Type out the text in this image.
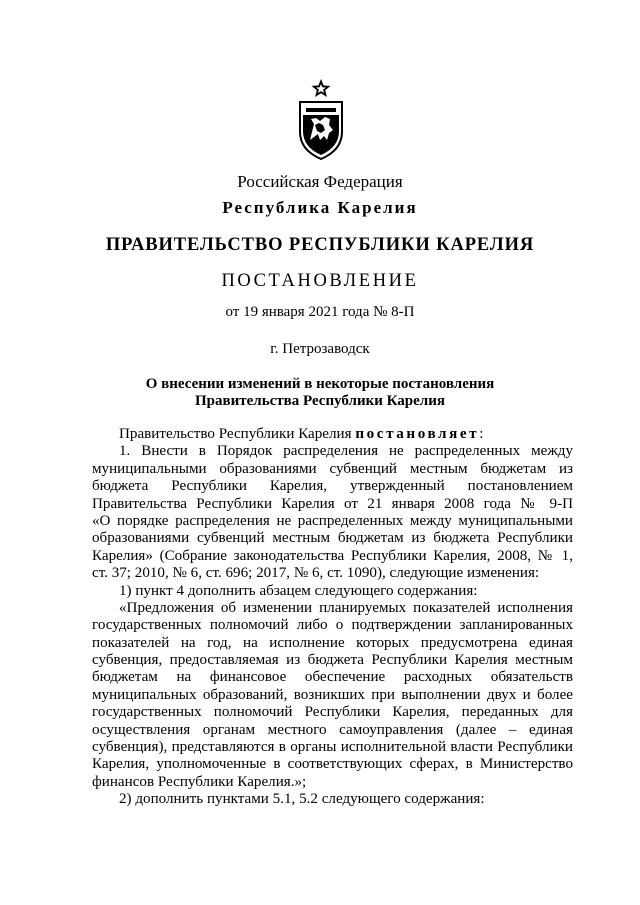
Российская Федерация
Республика Карелия
ПРАВИТЕЛЬСТВО РЕСПУБЛИКИ КАРЕЛИЯ
ПОСТАНОВЛЕНИЕ
от 19 января 2021 года № 8-П
г. Петрозаводск
О внесении изменений в некоторые постановления
Правительства Республики Карелия
Правительство Республики Карелия постановляет:
1. Внести в Порядок распределения не распределенных между
муниципальными образованиями субвенций местным бюджетам из
бюджета Республики Карелия, утвержденный постановлением
Правительства Республики Карелия от 21 января 2008 года № 9-П
«О порядке распределения не распределенных между муниципальными
образованиями субвенций местным бюджетам из бюджета Республики
Карелия» (Собрание законодательства Республики Карелия, 2008, № 1,
ст. 37; 2010, № 6, ст. 696; 2017, № 6, ст. 1090), следующие изменения:
1) пункт 4 дополнить абзацем следующего содержания:
«Предложения об изменении планируемых показателей исполнения
государственных полномочий либо о подтверждении запланированных
показателей на год, на исполнение которых предусмотрена единая
субвенция, предоставляемая из бюджета Республики Карелия местным
бюджетам на финансовое обеспечение расходных обязательств
муниципальных образований, возникших при выполнении двух и более
государственных полномочий Республики Карелия, переданных для
осуществления органам местного самоуправления (далее – единая
субвенция), представляются в органы исполнительной власти Республики
Карелия, уполномоченные в соответствующих сферах, в Министерство
финансов Республики Карелия.»;
2) дополнить пунктами 5.1, 5.2 следующего содержания:
